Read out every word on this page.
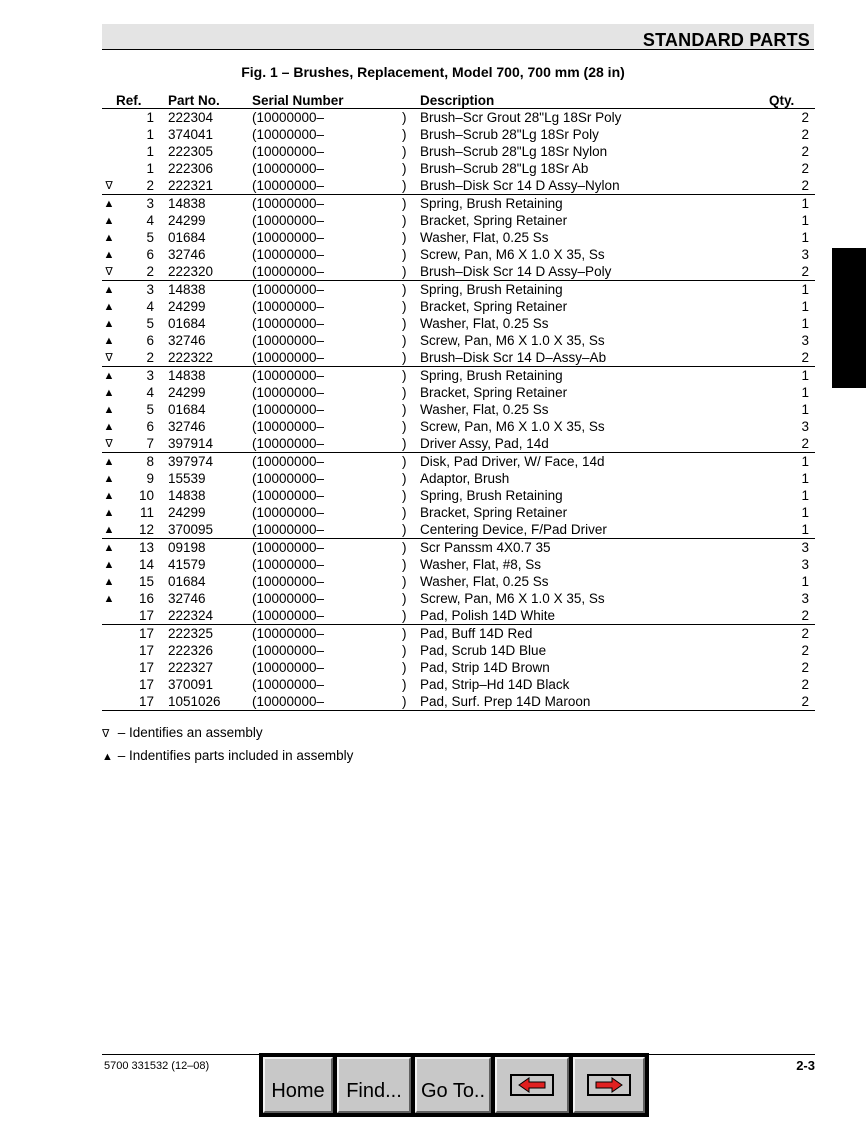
STANDARD PARTS
Fig. 1 – Brushes, Replacement, Model 700, 700 mm (28 in)
	Ref.	Part No.	Serial Number		Description	Qty.
	1	222304	(10000000–	)	Brush–Scr Grout 28"Lg 18Sr Poly	2
	1	374041	(10000000–	)	Brush–Scrub 28"Lg 18Sr Poly	2
	1	222305	(10000000–	)	Brush–Scrub 28"Lg 18Sr Nylon	2
	1	222306	(10000000–	)	Brush–Scrub 28"Lg 18Sr Ab	2
∇	2	222321	(10000000–	)	Brush–Disk Scr 14 D Assy–Nylon	2
▲	3	14838	(10000000–	)	Spring, Brush Retaining	1
▲	4	24299	(10000000–	)	Bracket, Spring Retainer	1
▲	5	01684	(10000000–	)	Washer, Flat, 0.25 Ss	1
▲	6	32746	(10000000–	)	Screw, Pan, M6 X 1.0 X 35, Ss	3
∇	2	222320	(10000000–	)	Brush–Disk Scr 14 D Assy–Poly	2
▲	3	14838	(10000000–	)	Spring, Brush Retaining	1
▲	4	24299	(10000000–	)	Bracket, Spring Retainer	1
▲	5	01684	(10000000–	)	Washer, Flat, 0.25 Ss	1
▲	6	32746	(10000000–	)	Screw, Pan, M6 X 1.0 X 35, Ss	3
∇	2	222322	(10000000–	)	Brush–Disk Scr 14 D–Assy–Ab	2
▲	3	14838	(10000000–	)	Spring, Brush Retaining	1
▲	4	24299	(10000000–	)	Bracket, Spring Retainer	1
▲	5	01684	(10000000–	)	Washer, Flat, 0.25 Ss	1
▲	6	32746	(10000000–	)	Screw, Pan, M6 X 1.0 X 35, Ss	3
∇	7	397914	(10000000–	)	Driver Assy, Pad, 14d	2
▲	8	397974	(10000000–	)	Disk, Pad Driver, W/ Face, 14d	1
▲	9	15539	(10000000–	)	Adaptor, Brush	1
▲	10	14838	(10000000–	)	Spring, Brush Retaining	1
▲	11	24299	(10000000–	)	Bracket, Spring Retainer	1
▲	12	370095	(10000000–	)	Centering Device, F/Pad Driver	1
▲	13	09198	(10000000–	)	Scr Panssm 4X0.7 35	3
▲	14	41579	(10000000–	)	Washer, Flat, #8, Ss	3
▲	15	01684	(10000000–	)	Washer, Flat, 0.25 Ss	1
▲	16	32746	(10000000–	)	Screw, Pan, M6 X 1.0 X 35, Ss	3
	17	222324	(10000000–	)	Pad, Polish 14D White	2
	17	222325	(10000000–	)	Pad, Buff 14D Red	2
	17	222326	(10000000–	)	Pad, Scrub 14D Blue	2
	17	222327	(10000000–	)	Pad, Strip 14D Brown	2
	17	370091	(10000000–	)	Pad, Strip–Hd 14D Black	2
	17	1051026	(10000000–	)	Pad, Surf. Prep 14D Maroon	2
∇ – Identifies an assembly
▲ – Indentifies parts included in assembly
5700 331532 (12–08)	2-3
Home	Find... Go To..
